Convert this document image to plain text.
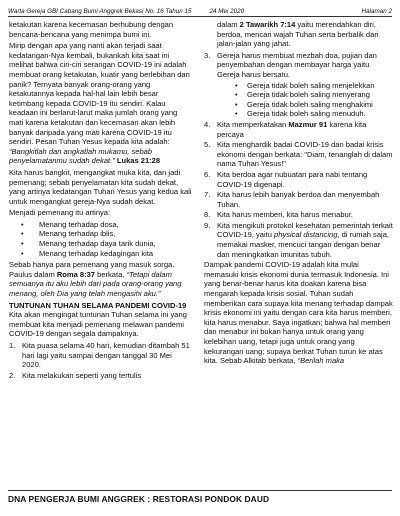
Warta Gereja GBI Cabang Bumi Anggrek Bekasi No. 16 Tahun 15	24 Mei 2020	Halaman 2

ketakutan karena kecemasan berhubung dengan bencana-bencana yang menimpa bumi ini.

Mirip dengan apa yang nanti akan terjadi saat kedatangan-Nya kembali, bukankah kita saat ini melihat bahwa ciri-ciri serangan COVID-19 ini adalah membuat orang ketakutan, kuatir yang berlebihan dan panik? Ternyata banyak orang-orang yang ketakutannya kepada hal-hal lain lebih besar ketimbang kepada COVID-19 itu sendiri. Kalau keadaan ini berlarut-larut maka jumlah orang yang mati karena ketakutan dan kecemasan akan lebih banyak daripada yang mati karena COVID-19 itu sendiri. Pesan Tuhan Yesus kepada kita adalah: “Bangkitlah dan angkatlah mukamu, sebab penyelamatanmu sudah dekat.” Lukas 21:28

Kita harus bangkit, mengangkat muka kita, dan jadi pemenang; sebab penyelamatan kita sudah dekat, yang artinya kedatangan Tuhan Yesus yang kedua kali untuk mengangkat gereja-Nya sudah dekat.

Menjadi pemenang itu artinya:

• Menang terhadap dosa,
• Menang terhadap iblis,
• Menang terhadap daya tarik dunia,
• Menang terhadap kedagingan kita

Sebab hanya para pemenang yang masuk sorga. Paulus dalam Roma 8:37 berkata, “Tetapi dalam semuanya itu aku lebih dari pada orang-orang yang menang, oleh Dia yang telah mengasihi aku.”

TUNTUNAN TUHAN SELAMA PANDEMI COVID-19

Kita akan mengingat tuntunan Tuhan selama ini yang membuat kita menjadi pemenang melawan pandemi COVID-19 dengan segala dampaknya.

1. Kita puasa selama 40 hari, kemudian ditambah 51 hari lagi yaitu sampai dengan tanggal 30 Mei 2020.
2. Kita melakukan seperti yang tertulis

dalam 2 Tawarikh 7:14 yaitu merendahkan diri, berdoa, mencari wajah Tuhan serta berbalik dari jalan-jalan yang jahat.

3. Gereja harus membuat mezbah doa, pujian dan penyembahan dengan membayar harga yaitu Gereja harus bersatu.
• Gereja tidak boleh saling menjelekkan
• Gereja tidak boleh saling menyerang
• Gereja tidak boleh saling menghakimi
• Gereja tidak boleh saling menuduh.
4. Kita memperkatakan Mazmur 91 karena kita percaya
5. Kita menghardik badai COVID-19 dan badai krisis ekonomi dengan berkata: "Diam, tenanglah di dalam nama Tuhan Yesus!"
6. Kita berdoa agar nubuatan para nabi tentang COVID-19 digenapi.
7. Kita harus lebih banyak berdoa dan menyembah Tuhan.
8. Kita harus memberi, kita harus menabur.
9. Kita mengikuti protokol kesehatan pemerintah terkait COVID-19, yaitu physical distancing, di rumah saja, memakai masker, mencuci tangan dengan benar dan meningkatkan imunitas tubuh.

Dampak pandemi COVID-19 adalah kita mulai memasuki krisis ekonomi dunia termasuk Indonesia. Ini yang benar-benar harus kita doakan karena bisa mengarah kepada krisis sosial. Tuhan sudah memberikan cara supaya kita menang terhadap dampak krisis ekonomi ini yaitu dengan cara kita harus memberi, kita harus menabur. Saya ingatkan; bahwa hal memberi dan menabur ini bukan hanya untuk orang yang kelebihan uang, tetapi juga untuk orang yang kekurangan uang; supaya berkat Tuhan turun ke atas kita. Sebab Alkitab berkata, “Berilah maka

DNA PENGERJA BUMI ANGGREK : RESTORASI PONDOK DAUD
